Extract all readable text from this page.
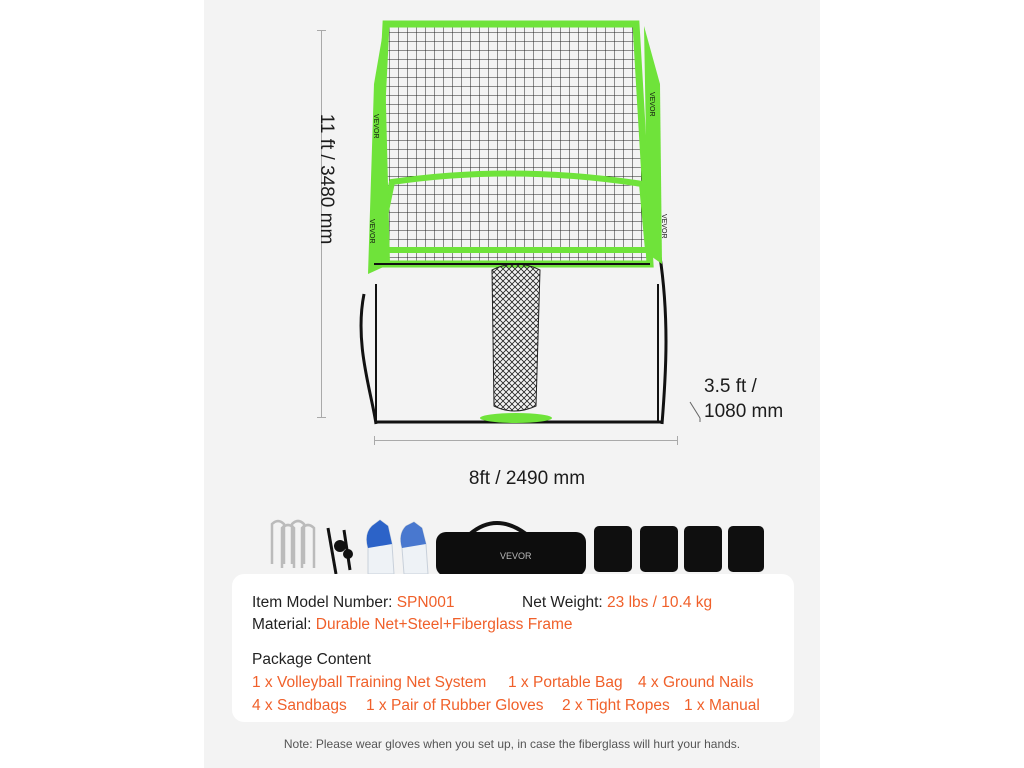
11 ft / 3480 mm	VEVOR
VEVOR
VEVOR	VEVOR
8ft / 2490 mm
3.5 ft /
1080 mm
VEVOR
Item Model Number: SPN001	Net Weight: 23 lbs / 10.4 kg
Material: Durable Net+Steel+Fiberglass Frame
Package Content
1 x Volleyball Training Net System 1 x Portable Bag 4 x Ground Nails
4 x Sandbags 1 x Pair of Rubber Gloves 2 x Tight Ropes 1 x Manual
Note: Please wear gloves when you set up, in case the fiberglass will hurt your hands.
